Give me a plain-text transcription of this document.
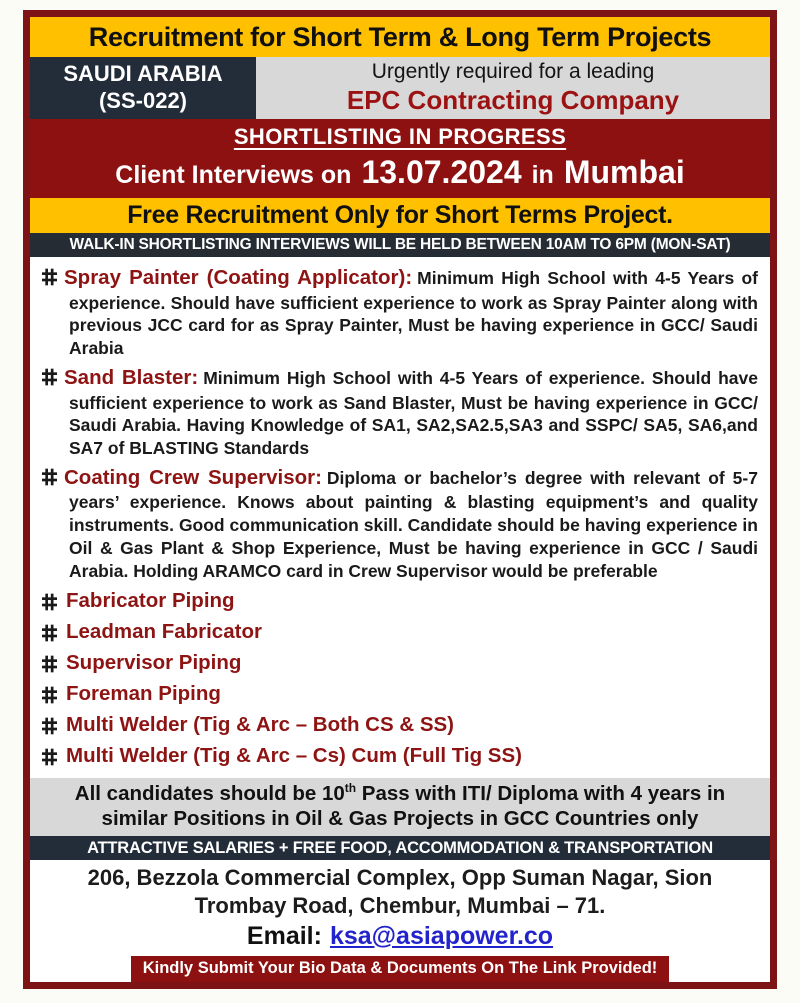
Recruitment for Short Term & Long Term Projects
SAUDI ARABIA
(SS-022)
Urgently required for a leading
EPC Contracting Company
SHORTLISTING IN PROGRESS
Client Interviews on 13.07.2024 in Mumbai
Free Recruitment Only for Short Terms Project.
WALK-IN SHORTLISTING INTERVIEWS WILL BE HELD BETWEEN 10AM TO 6PM (MON-SAT)

Spray Painter (Coating Applicator): Minimum High School with 4-5 Years of experience. Should have sufficient experience to work as Spray Painter along with previous JCC card for as Spray Painter, Must be having experience in GCC/ Saudi Arabia

Sand Blaster: Minimum High School with 4-5 Years of experience. Should have sufficient experience to work as Sand Blaster, Must be having experience in GCC/ Saudi Arabia. Having Knowledge of SA1, SA2,SA2.5,SA3 and SSPC/ SA5, SA6,and SA7 of BLASTING Standards

Coating Crew Supervisor: Diploma or bachelor’s degree with relevant of 5-7 years’ experience. Knows about painting & blasting equipment’s and quality instruments. Good communication skill. Candidate should be having experience in Oil & Gas Plant & Shop Experience, Must be having experience in GCC / Saudi Arabia. Holding ARAMCO card in Crew Supervisor would be preferable

Fabricator Piping
Leadman Fabricator
Supervisor Piping
Foreman Piping
Multi Welder (Tig & Arc – Both CS & SS)
Multi Welder (Tig & Arc – Cs) Cum (Full Tig SS)
All candidates should be 10th Pass with ITI/ Diploma with 4 years in
similar Positions in Oil & Gas Projects in GCC Countries only
ATTRACTIVE SALARIES + FREE FOOD, ACCOMMODATION & TRANSPORTATION
206, Bezzola Commercial Complex, Opp Suman Nagar, Sion
Trombay Road, Chembur, Mumbai – 71.
Email: ksa@asiapower.co
Kindly Submit Your Bio Data & Documents On The Link Provided!
